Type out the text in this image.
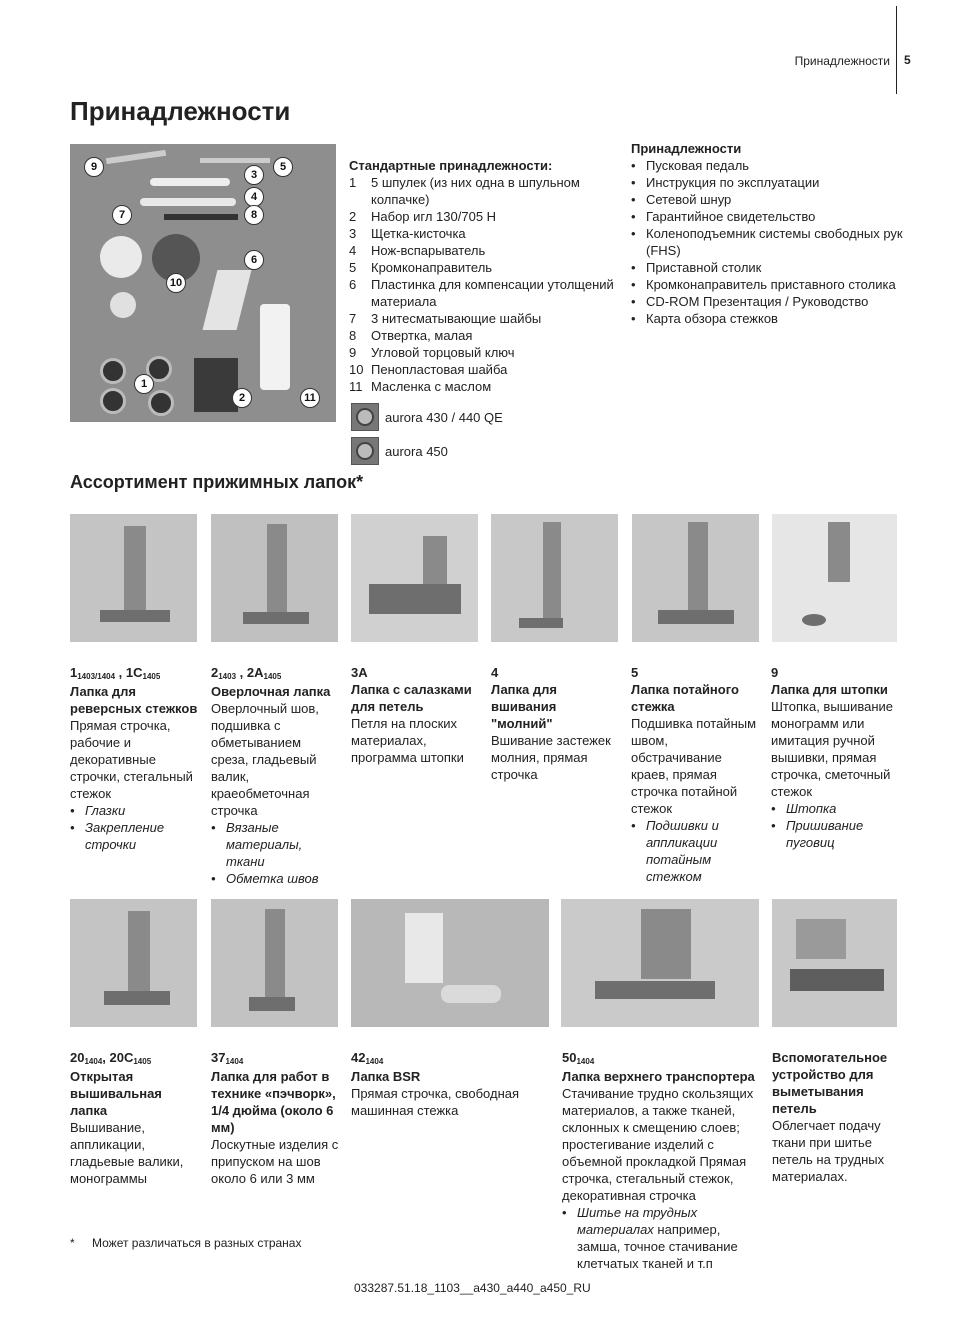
Принадлежности 5
Принадлежности
9	5
3
4
7	8
6
10
1
2	11
Стандартные принадлежности:
1	5 шпулек (из них одна в шпульном колпачке)
2	Набор игл 130/705 H
3	Щетка-кисточка
4	Нож-вспарыватель
5	Кромконаправитель
6	Пластинка для компенсации утолщений материала
7	3 нитесматывающие шайбы
8	Отвертка, малая
9	Угловой торцовый ключ
10 Пенопластовая шайба
11 Масленка с маслом
aurora 430 / 440 QE
aurora 450
Принадлежности
• Пусковая педаль
• Инструкция по эксплуатации
• Сетевой шнур
• Гарантийное свидетельство
• Коленоподъемник системы свободных рук (FHS)
• Приставной столик
• Кромконаправитель приставного столика
• CD-ROM Презентация / Руководство
• Карта обзора стежков
Ассортимент прижимных лапок*
$1_{1403/1404}$ , $1C_{1405}$
Лапка для реверсных стежков
Прямая строчка, рабочие и декоративные строчки, стегальный стежок
• Глазки
• Закрепление строчки
$2_{1403}$ , $2A_{1405}$
Оверлочная лапка
Оверлочный шов, подшивка с обметыванием среза, гладьевый валик, краеобметочная строчка
• Вязаные материалы, ткани
• Обметка швов
3A
Лапка с салазками для петель
Петля на плоских материалах, программа штопки
4
Лапка для вшивания "молний"
Вшивание застежек молния, прямая строчка
5
Лапка потайного стежка
Подшивка потайным швом, обстрачивание краев, прямая строчка потайной стежок
• Подшивки и аппликации потайным стежком
9
Лапка для штопки
Штопка, вышивание монограмм или имитация ручной вышивки, прямая строчка, сметочный стежок
• Штопка
• Пришивание пуговиц
$20_{1404}$, $20C_{1405}$
Открытая вышивальная лапка
Вышивание, аппликации, гладьевые валики, монограммы
$37_{1404}$
Лапка для работ в технике «пэчворк», 1/4 дюйма (около 6 мм)
Лоскутные изделия с припуском на шов около 6 или 3 мм
$42_{1404}$
Лапка BSR
Прямая строчка, свободная машинная стежка
$50_{1404}$
Лапка верхнего транспортера
Стачивание трудно скользящих материалов, а также тканей, склонных к смещению слоев; простегивание изделий с объемной прокладкой Прямая строчка, стегальный стежок, декоративная строчка
• Шитье на трудных материалах например, замша, точное стачивание клетчатых тканей и т.п
Вспомогательное устройство для выметывания петель
Облегчает подачу ткани при шитье петель на трудных материалах.
*	Может различаться в разных странах
033287.51.18_1103__a430_a440_a450_RU
